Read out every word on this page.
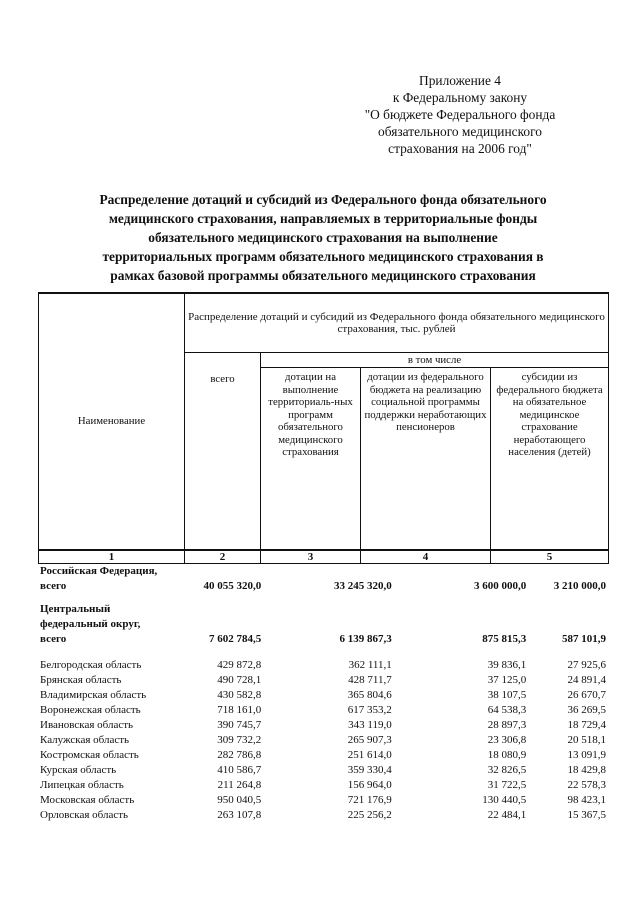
Приложение 4
к Федеральному закону
"О бюджете Федерального фонда
обязательного медицинского
страхования на 2006 год"
Распределение дотаций и субсидий из Федерального фонда обязательного
медицинского страхования, направляемых в территориальные фонды
обязательного медицинского страхования на выполнение
территориальных программ обязательного медицинского страхования в
рамках базовой программы обязательного медицинского страхования
Наименование	Распределение дотаций и субсидий из Федерального фонда обязательного медицинского страхования, тыс. рублей			
	всего	в том числе		
		дотации на выполнение территориаль-ных программ обязательного медицинского страхования	дотации из федерального бюджета на реализацию социальной программы поддержки неработающих пенсионеров	субсидии из федерального бюджета на обязательное медицинское страхование неработающего населения (детей)
1	2	3	4	5
Российская Федерация,
всего	40 055 320,0	33 245 320,0	3 600 000,0	3 210 000,0
Центральный
федеральный округ,
всего	7 602 784,5	6 139 867,3	875 815,3	587 101,9
Белгородская область	429 872,8	362 111,1	39 836,1	27 925,6
Брянская область	490 728,1	428 711,7	37 125,0	24 891,4
Владимирская область	430 582,8	365 804,6	38 107,5	26 670,7
Воронежская область	718 161,0	617 353,2	64 538,3	36 269,5
Ивановская область	390 745,7	343 119,0	28 897,3	18 729,4
Калужская область	309 732,2	265 907,3	23 306,8	20 518,1
Костромская область	282 786,8	251 614,0	18 080,9	13 091,9
Курская область	410 586,7	359 330,4	32 826,5	18 429,8
Липецкая область	211 264,8	156 964,0	31 722,5	22 578,3
Московская область	950 040,5	721 176,9	130 440,5	98 423,1
Орловская область	263 107,8	225 256,2	22 484,1	15 367,5
